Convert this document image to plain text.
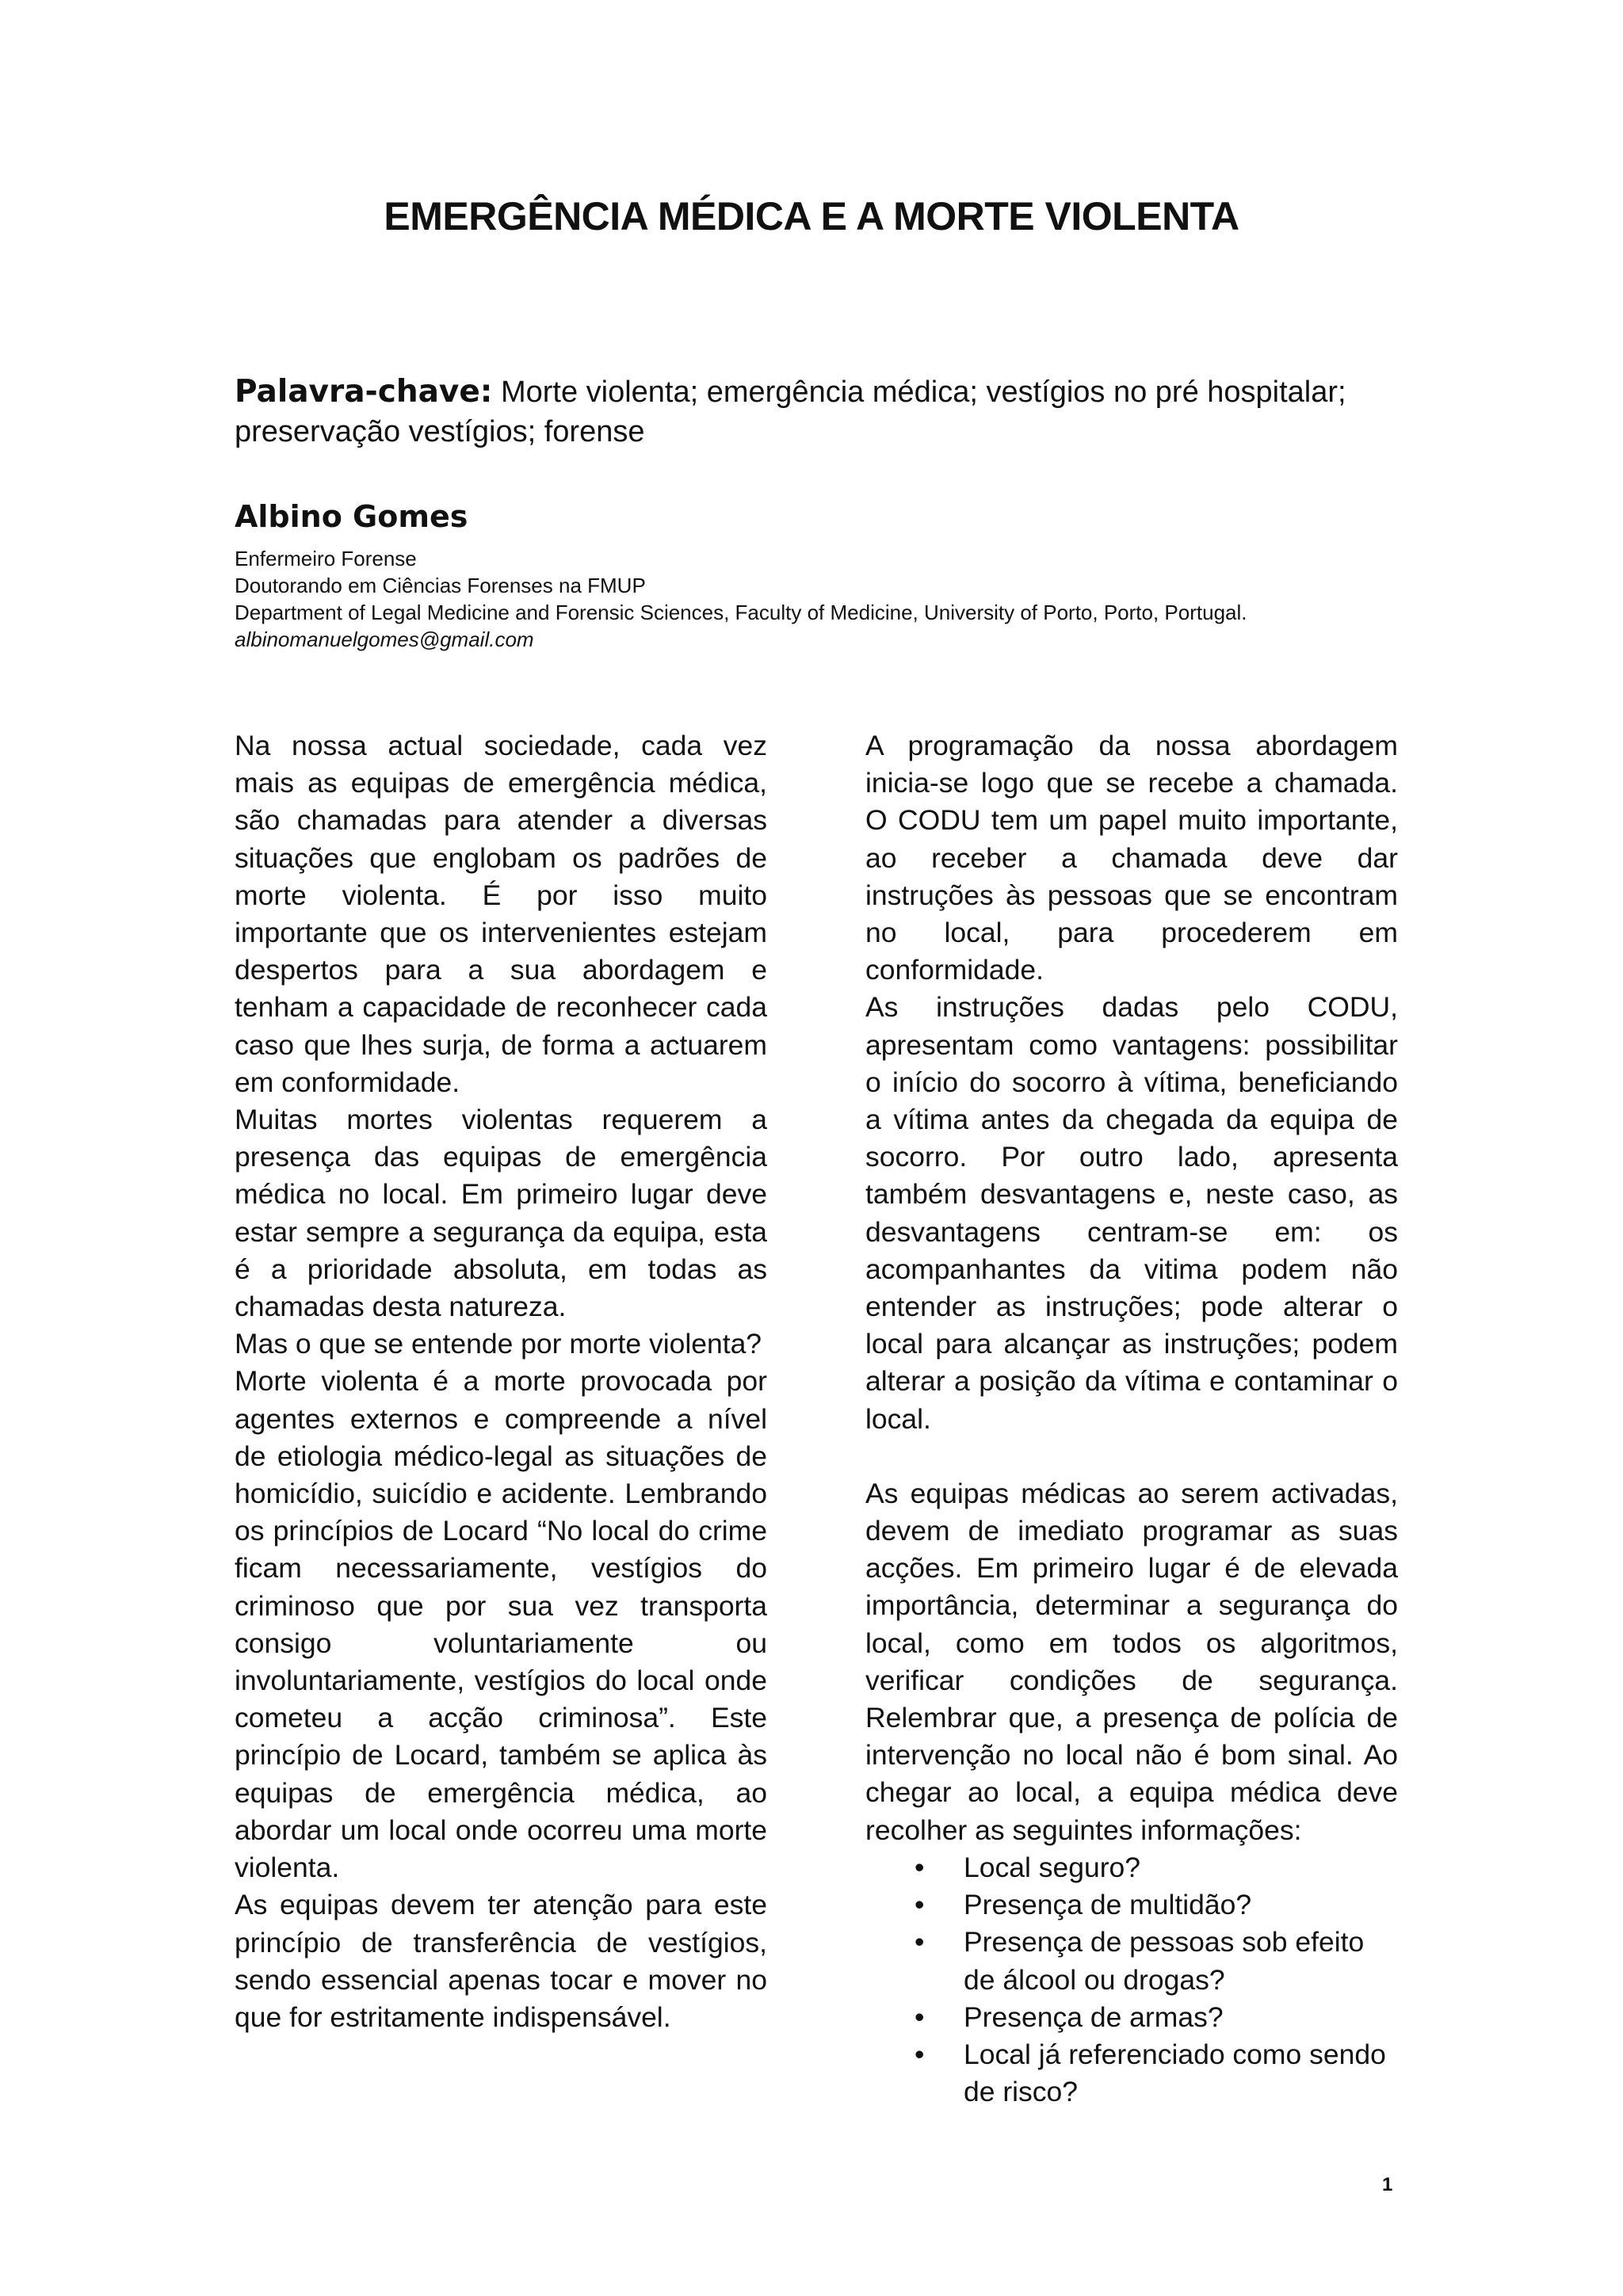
EMERGÊNCIA MÉDICA E A MORTE VIOLENTA

Palavra-chave: Morte violenta; emergência médica; vestígios no pré hospitalar; preservação vestígios; forense

Albino Gomes

Enfermeiro Forense

Doutorando em Ciências Forenses na FMUP

Department of Legal Medicine and Forensic Sciences, Faculty of Medicine, University of Porto, Porto, Portugal.

albinomanuelgomes@gmail.com

Na nossa actual sociedade, cada vez mais as equipas de emergência médica, são chamadas para atender a diversas situações que englobam os padrões de morte violenta. É por isso muito importante que os intervenientes estejam despertos para a sua abordagem e tenham a capacidade de reconhecer cada caso que lhes surja, de forma a actuarem em conformidade.

Muitas mortes violentas requerem a presença das equipas de emergência médica no local. Em primeiro lugar deve estar sempre a segurança da equipa, esta é a prioridade absoluta, em todas as chamadas desta natureza.

Mas o que se entende por morte violenta?

Morte violenta é a morte provocada por agentes externos e compreende a nível de etiologia médico-legal as situações de homicídio, suicídio e acidente. Lembrando os princípios de Locard “No local do crime ficam necessariamente, vestígios do criminoso que por sua vez transporta consigo voluntariamente ou involuntariamente, vestígios do local onde cometeu a acção criminosa”. Este princípio de Locard, também se aplica às equipas de emergência médica, ao abordar um local onde ocorreu uma morte violenta.

As equipas devem ter atenção para este princípio de transferência de vestígios, sendo essencial apenas tocar e mover no que for estritamente indispensável.

A programação da nossa abordagem inicia-se logo que se recebe a chamada. O CODU tem um papel muito importante, ao receber a chamada deve dar instruções às pessoas que se encontram no local, para procederem em conformidade.

As instruções dadas pelo CODU, apresentam como vantagens: possibilitar o início do socorro à vítima, beneficiando a vítima antes da chegada da equipa de socorro. Por outro lado, apresenta também desvantagens e, neste caso, as desvantagens centram-se em: os acompanhantes da vitima podem não entender as instruções; pode alterar o local para alcançar as instruções; podem alterar a posição da vítima e contaminar o local.

As equipas médicas ao serem activadas, devem de imediato programar as suas acções. Em primeiro lugar é de elevada importância, determinar a segurança do local, como em todos os algoritmos, verificar condições de segurança. Relembrar que, a presença de polícia de intervenção no local não é bom sinal. Ao chegar ao local, a equipa médica deve recolher as seguintes informações:

• Local seguro?
• Presença de multidão?
• Presença de pessoas sob efeito de álcool ou drogas?
• Presença de armas?
• Local já referenciado como sendo de risco?
1
